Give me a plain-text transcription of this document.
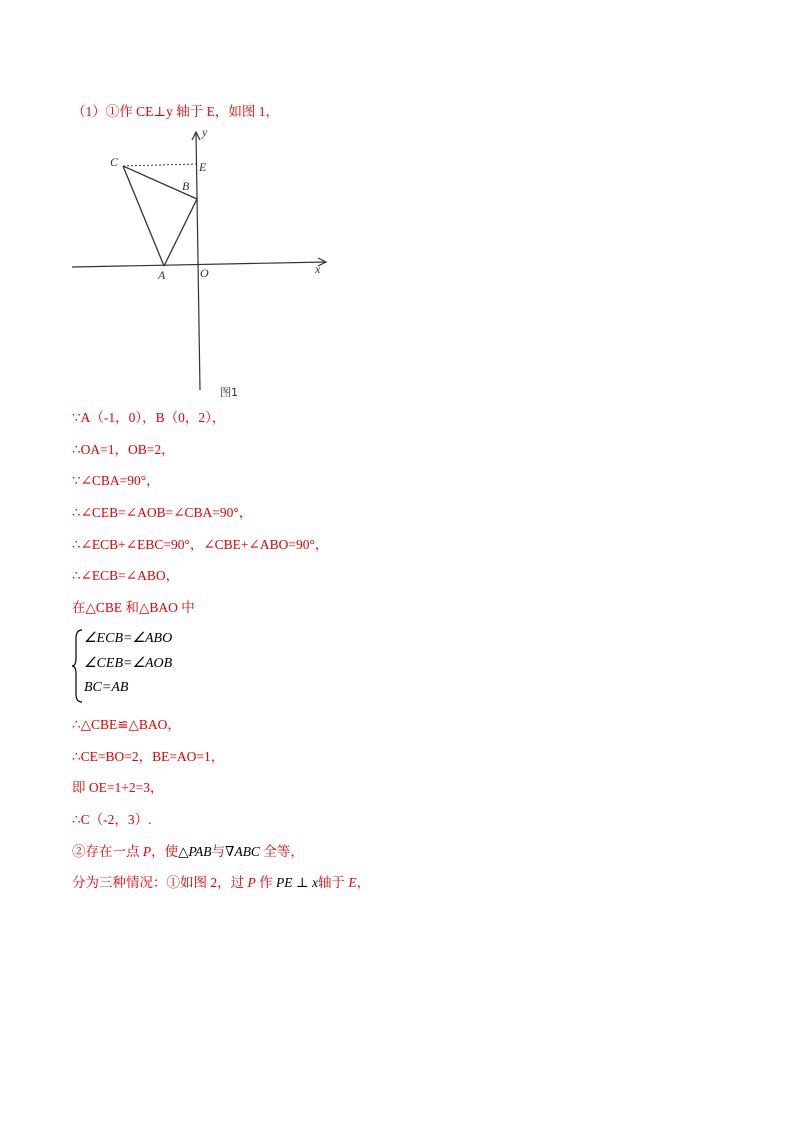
（1）①作 CE⊥y 轴于 E，如图 1，
y
x
C	E
B
A	O
图1
∵A（-1，0），B（0，2），
∴OA=1，OB=2，
∵∠CBA=90°，
∴∠CEB=∠AOB=∠CBA=90°，
∴∠ECB+∠EBC=90°，∠CBE+∠ABO=90°，
∴∠ECB=∠ABO，
在△CBE 和△BAO 中
∠ECB=∠ABO
∠CEB=∠AOB
BC=AB
∴△CBE≌△BAO，
∴CE=BO=2，BE=AO=1，
即 OE=1+2=3，
∴C（-2，3）.
②存在一点 P，使△PAB与∇ABC 全等，
分为三种情况：①如图 2，过 P 作 PE ⊥ x轴于 E，
